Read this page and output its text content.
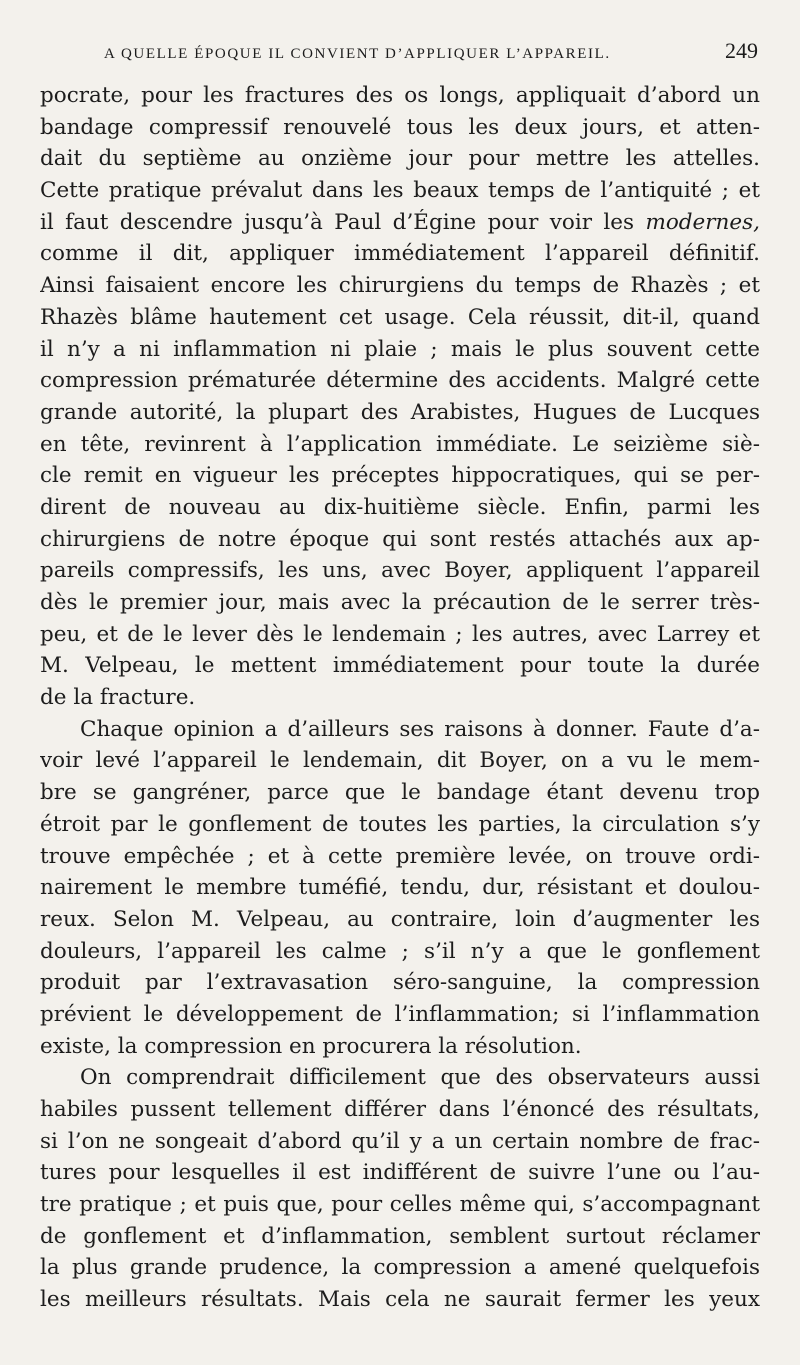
A QUELLE ÉPOQUE IL CONVIENT D’APPLIQUER L’APPAREIL.	249
pocrate, pour les fractures des os longs, appliquait d’abord un
bandage compressif renouvelé tous les deux jours, et atten-
dait du septième au onzième jour pour mettre les attelles.
Cette pratique prévalut dans les beaux temps de l’antiquité ; et
il faut descendre jusqu’à Paul d’Égine pour voir les modernes,
comme il dit, appliquer immédiatement l’appareil définitif.
Ainsi faisaient encore les chirurgiens du temps de Rhazès ; et
Rhazès blâme hautement cet usage. Cela réussit, dit-il, quand
il n’y a ni inflammation ni plaie ; mais le plus souvent cette
compression prématurée détermine des accidents. Malgré cette
grande autorité, la plupart des Arabistes, Hugues de Lucques
en tête, revinrent à l’application immédiate. Le seizième siè-
cle remit en vigueur les préceptes hippocratiques, qui se per-
dirent de nouveau au dix-huitième siècle. Enfin, parmi les
chirurgiens de notre époque qui sont restés attachés aux ap-
pareils compressifs, les uns, avec Boyer, appliquent l’appareil
dès le premier jour, mais avec la précaution de le serrer très-
peu, et de le lever dès le lendemain ; les autres, avec Larrey et
M. Velpeau, le mettent immédiatement pour toute la durée
de la fracture.
Chaque opinion a d’ailleurs ses raisons à donner. Faute d’a-
voir levé l’appareil le lendemain, dit Boyer, on a vu le mem-
bre se gangréner, parce que le bandage étant devenu trop
étroit par le gonflement de toutes les parties, la circulation s’y
trouve empêchée ; et à cette première levée, on trouve ordi-
nairement le membre tuméfié, tendu, dur, résistant et doulou-
reux. Selon M. Velpeau, au contraire, loin d’augmenter les
douleurs, l’appareil les calme ; s’il n’y a que le gonflement
produit par l’extravasation séro-sanguine, la compression
prévient le développement de l’inflammation; si l’inflammation
existe, la compression en procurera la résolution.
On comprendrait difficilement que des observateurs aussi
habiles pussent tellement différer dans l’énoncé des résultats,
si l’on ne songeait d’abord qu’il y a un certain nombre de frac-
tures pour lesquelles il est indifférent de suivre l’une ou l’au-
tre pratique ; et puis que, pour celles même qui, s’accompagnant
de gonflement et d’inflammation, semblent surtout réclamer
la plus grande prudence, la compression a amené quelquefois
les meilleurs résultats. Mais cela ne saurait fermer les yeux
